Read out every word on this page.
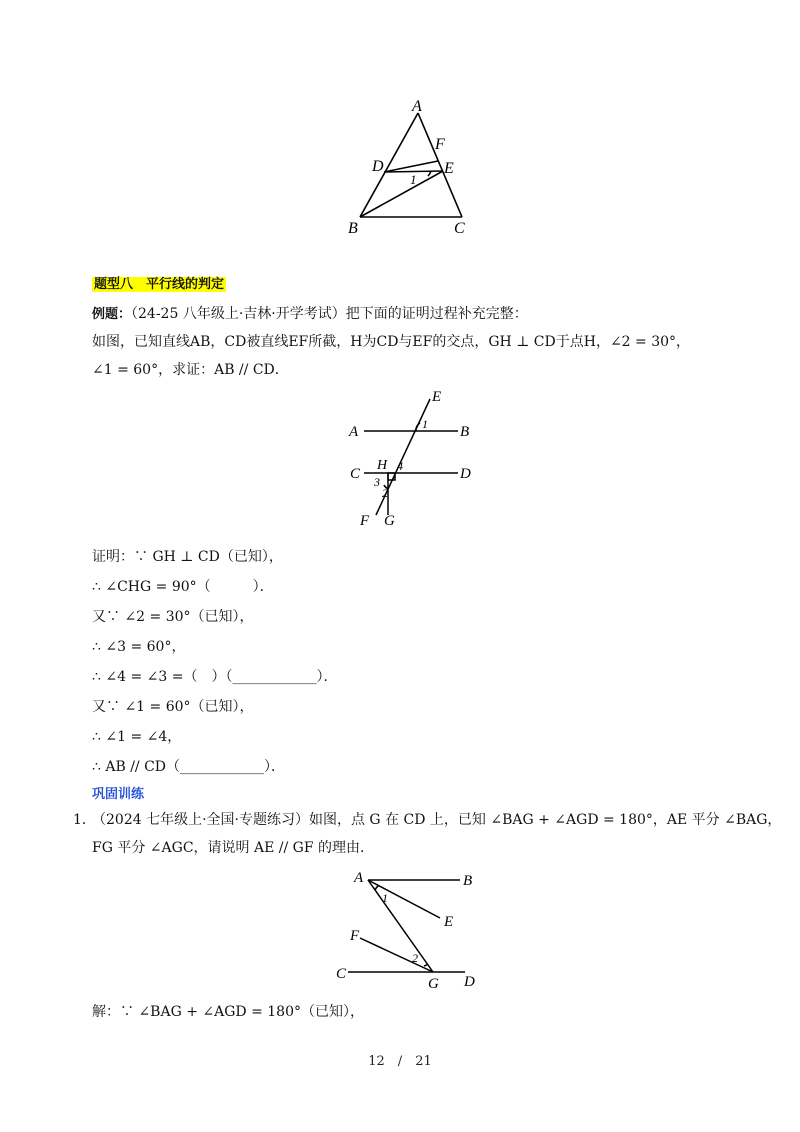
A
F
D	E
1
B	C
题型八　平行线的判定
例题：（24-25 八年级上·吉林·开学考试）把下面的证明过程补充完整：
如图，已知直线AB，CD被直线EF所截，H为CD与EF的交点，GH ⊥ CD于点H，∠2 = 30°，
∠1 = 60°，求证：AB // CD．
E
A	1 B
C
H 4	D
3
2
F G
证明：∵ GH ⊥ CD（已知），
∴ ∠CHG = 90°（　　　）．
又∵ ∠2 = 30°（已知），
∴ ∠3 = 60°，
∴ ∠4 = ∠3 =（　）（____________）．
又∵ ∠1 = 60°（已知），
∴ ∠1 = ∠4，
∴ AB // CD（____________）．
巩固训练
1．
（2024 七年级上·全国·专题练习）如图，点 G 在 CD 上，已知 ∠BAG + ∠AGD = 180°，AE 平分 ∠BAG，
FG 平分 ∠AGC，请说明 AE // GF 的理由．
A	B
1
E
F
2
C
G D
解：∵ ∠BAG + ∠AGD = 180°（已知），
12　/　21
